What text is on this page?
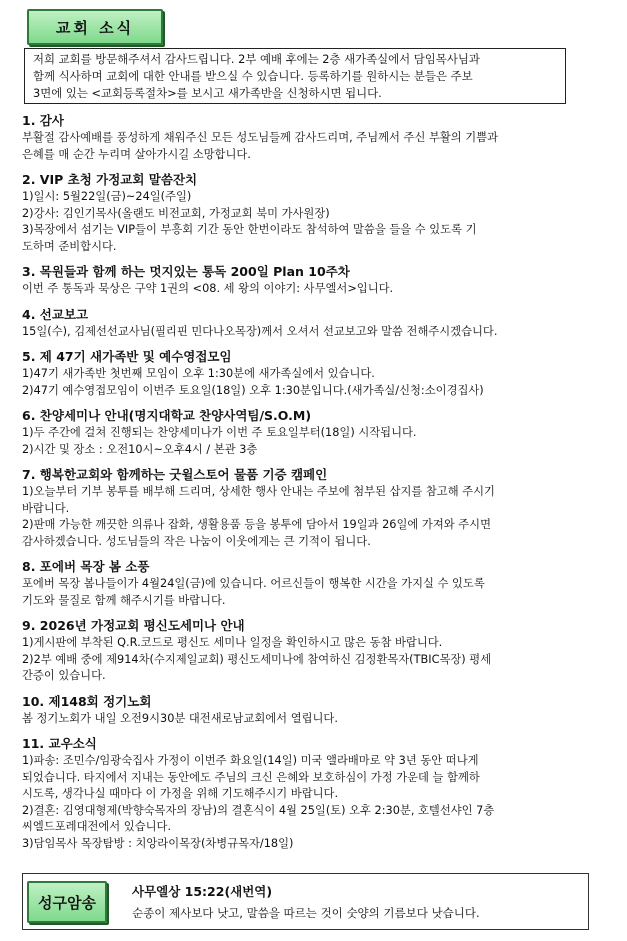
교회 소식
저희 교회를 방문해주셔서 감사드립니다. 2부 예배 후에는 2층 새가족실에서 담임목사님과
함께 식사하며 교회에 대한 안내를 받으실 수 있습니다. 등록하기를 원하시는 분들은 주보
3면에 있는 <교회등록절차>를 보시고 새가족반을 신청하시면 됩니다.
1. 감사
부활절 감사예배를 풍성하게 채워주신 모든 성도님들께 감사드리며, 주님께서 주신 부활의 기쁨과
은혜를 매 순간 누리며 살아가시길 소망합니다.
2. VIP 초청 가정교회 말씀잔치
1)일시: 5월22일(금)~24일(주일)
2)강사: 김인기목사(올랜도 비전교회, 가정교회 북미 가사원장)
3)목장에서 섬기는 VIP들이 부흥회 기간 동안 한번이라도 참석하여 말씀을 들을 수 있도록 기
도하며 준비합시다.
3. 목원들과 함께 하는 멋지있는 통독 200일 Plan 10주차
이번 주 통독과 묵상은 구약 1권의 <08. 세 왕의 이야기: 사무엘서>입니다.
4. 선교보고
15일(수), 김제선선교사님(필리핀 민다나오목장)께서 오셔서 선교보고와 말씀 전해주시겠습니다.
5. 제 47기 새가족반 및 예수영접모임
1)47기 새가족반 첫번째 모임이 오후 1:30분에 새가족실에서 있습니다.
2)47기 예수영접모임이 이번주 토요일(18일) 오후 1:30분입니다.(새가족실/신청:소이경집사)
6. 찬양세미나 안내(명지대학교 찬양사역팀/S.O.M)
1)두 주간에 걸쳐 진행되는 찬양세미나가 이번 주 토요일부터(18일) 시작됩니다.
2)시간 및 장소 : 오전10시~오후4시 / 본관 3층
7. 행복한교회와 함께하는 굿윌스토어 물품 기증 캠페인
1)오늘부터 기부 봉투를 배부해 드리며, 상세한 행사 안내는 주보에 첨부된 삽지를 참고해 주시기
바랍니다.
2)판매 가능한 깨끗한 의류나 잡화, 생활용품 등을 봉투에 담아서 19일과 26일에 가져와 주시면
감사하겠습니다. 성도님들의 작은 나눔이 이웃에게는 큰 기적이 됩니다.
8. 포에버 목장 봄 소풍
포에버 목장 봄나들이가 4월24일(금)에 있습니다. 어르신들이 행복한 시간을 가지실 수 있도록
기도와 물질로 함께 해주시기를 바랍니다.
9. 2026년 가정교회 평신도세미나 안내
1)게시판에 부착된 Q.R.코드로 평신도 세미나 일정을 확인하시고 많은 동참 바랍니다.
2)2부 예배 중에 제914차(수지제일교회) 평신도세미나에 참여하신 김정환목자(TBIC목장) 평세
간증이 있습니다.
10. 제148회 정기노회
봄 정기노회가 내일 오전9시30분 대전새로남교회에서 열립니다.
11. 교우소식
1)파송: 조민수/임광숙집사 가정이 이번주 화요일(14일) 미국 앨라배마로 약 3년 동안 떠나게
되었습니다. 타지에서 지내는 동안에도 주님의 크신 은혜와 보호하심이 가정 가운데 늘 함께하
시도록, 생각나실 때마다 이 가정을 위해 기도해주시기 바랍니다.
2)결혼: 김영대형제(박향숙목자의 장남)의 결혼식이 4월 25일(토) 오후 2:30분, 호텔선샤인 7층
씨엘드포레대전에서 있습니다.
3)담임목사 목장탐방 : 치앙라이목장(차병규목자/18일)
성구암송
사무엘상 15:22(새번역)
순종이 제사보다 낫고, 말씀을 따르는 것이 숫양의 기름보다 낫습니다.
